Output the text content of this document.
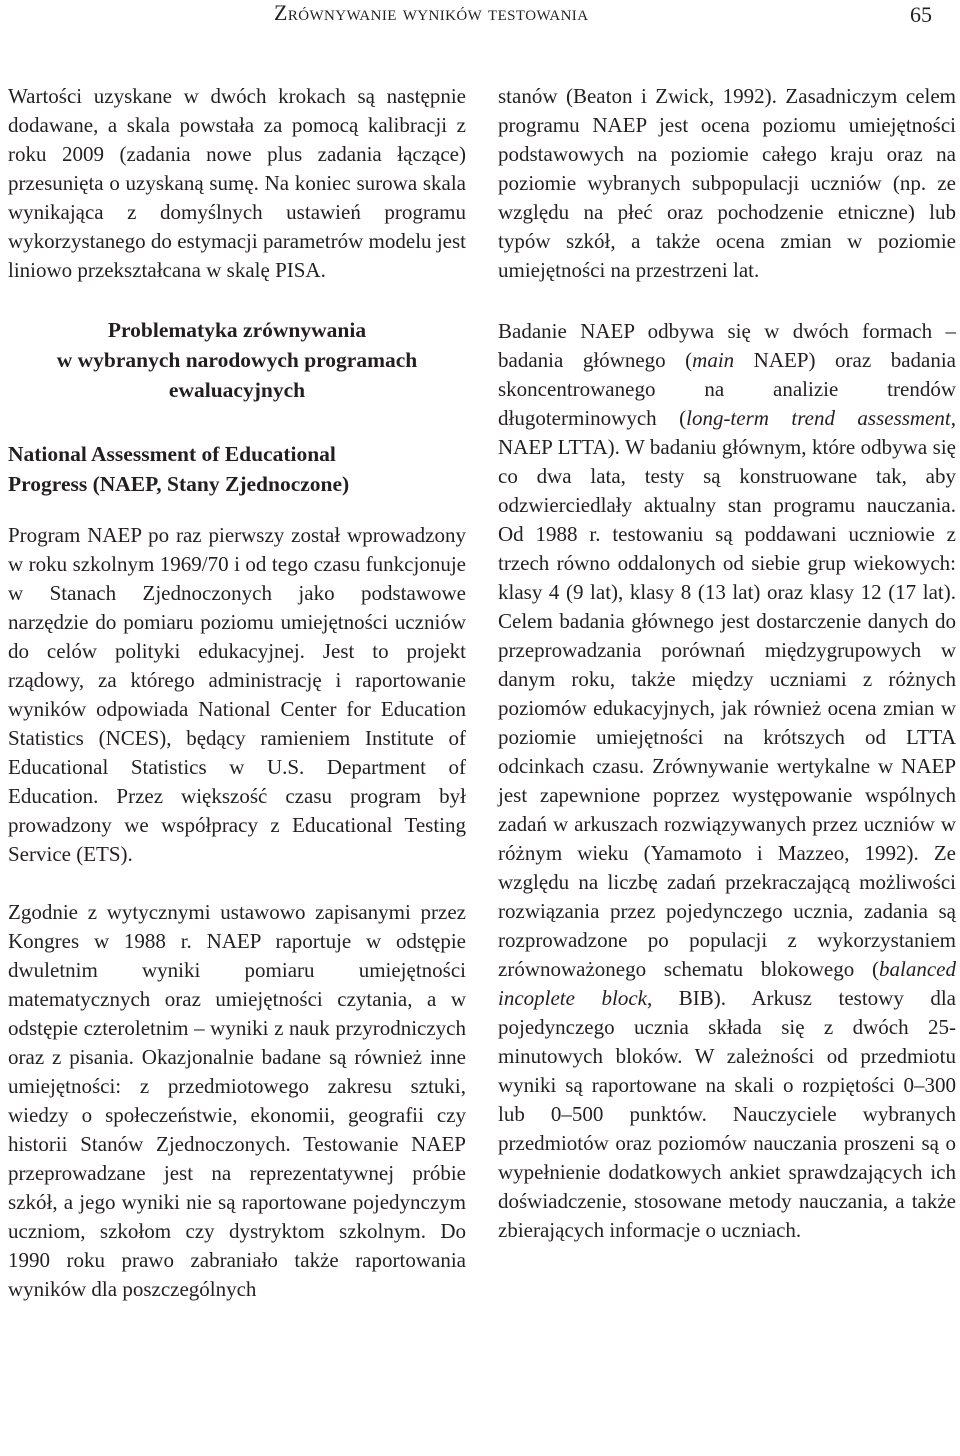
Zrównywanie wyników testowania	65

Wartości uzyskane w dwóch krokach są następnie dodawane, a skala powstała za pomocą kalibracji z roku 2009 (zadania nowe plus zadania łączące) przesunięta o uzyskaną sumę. Na koniec surowa skala wynikająca z domyślnych ustawień programu wykorzystanego do estymacji parametrów modelu jest liniowo przekształcana w skalę PISA.

Problematyka zrównywania
w wybranych narodowych programach
ewaluacyjnych
National Assessment of Educational
Progress (NAEP, Stany Zjednoczone)

Program NAEP po raz pierwszy został wprowadzony w roku szkolnym 1969/70 i od tego czasu funkcjonuje w Stanach Zjednoczonych jako podstawowe narzędzie do pomiaru poziomu umiejętności uczniów do celów polityki edukacyjnej. Jest to projekt rządowy, za którego administrację i raportowanie wyników odpowiada National Center for Education Statistics (NCES), będący ramieniem Institute of Educational Statistics w U.S. Department of Education. Przez większość czasu program był prowadzony we współpracy z Educational Testing Service (ETS).

Zgodnie z wytycznymi ustawowo zapisanymi przez Kongres w 1988 r. NAEP raportuje w odstępie dwuletnim wyniki pomiaru umiejętności matematycznych oraz umiejętności czytania, a w odstępie czteroletnim – wyniki z nauk przyrodniczych oraz z pisania. Okazjonalnie badane są również inne umiejętności: z przedmiotowego zakresu sztuki, wiedzy o społeczeństwie, ekonomii, geografii czy historii Stanów Zjednoczonych. Testowanie NAEP przeprowadzane jest na reprezentatywnej próbie szkół, a jego wyniki nie są raportowane pojedynczym uczniom, szkołom czy dystryktom szkolnym. Do 1990 roku prawo zabraniało także raportowania wyników dla poszczególnych

stanów (Beaton i Zwick, 1992). Zasadniczym celem programu NAEP jest ocena poziomu umiejętności podstawowych na poziomie całego kraju oraz na poziomie wybranych subpopulacji uczniów (np. ze względu na płeć oraz pochodzenie etniczne) lub typów szkół, a także ocena zmian w poziomie umiejętności na przestrzeni lat.

Badanie NAEP odbywa się w dwóch formach – badania głównego (main NAEP) oraz badania skoncentrowanego na analizie trendów długoterminowych (long-term trend assessment, NAEP LTTA). W badaniu głównym, które odbywa się co dwa lata, testy są konstruowane tak, aby odzwierciedlały aktualny stan programu nauczania. Od 1988 r. testowaniu są poddawani uczniowie z trzech równo oddalonych od siebie grup wiekowych: klasy 4 (9 lat), klasy 8 (13 lat) oraz klasy 12 (17 lat). Celem badania głównego jest dostarczenie danych do przeprowadzania porównań międzygrupowych w danym roku, także między uczniami z różnych poziomów edukacyjnych, jak również ocena zmian w poziomie umiejętności na krótszych od LTTA odcinkach czasu. Zrównywanie wertykalne w NAEP jest zapewnione poprzez występowanie wspólnych zadań w arkuszach rozwiązywanych przez uczniów w różnym wieku (Yamamoto i Mazzeo, 1992). Ze względu na liczbę zadań przekraczającą możliwości rozwiązania przez pojedynczego ucznia, zadania są rozprowadzone po populacji z wykorzystaniem zrównoważonego schematu blokowego (balanced incoplete block, BIB). Arkusz testowy dla pojedynczego ucznia składa się z dwóch 25-minutowych bloków. W zależności od przedmiotu wyniki są raportowane na skali o rozpiętości 0–300 lub 0–500 punktów. Nauczyciele wybranych przedmiotów oraz poziomów nauczania proszeni są o wypełnienie dodatkowych ankiet sprawdzających ich doświadczenie, stosowane metody nauczania, a także zbierających informacje o uczniach.
